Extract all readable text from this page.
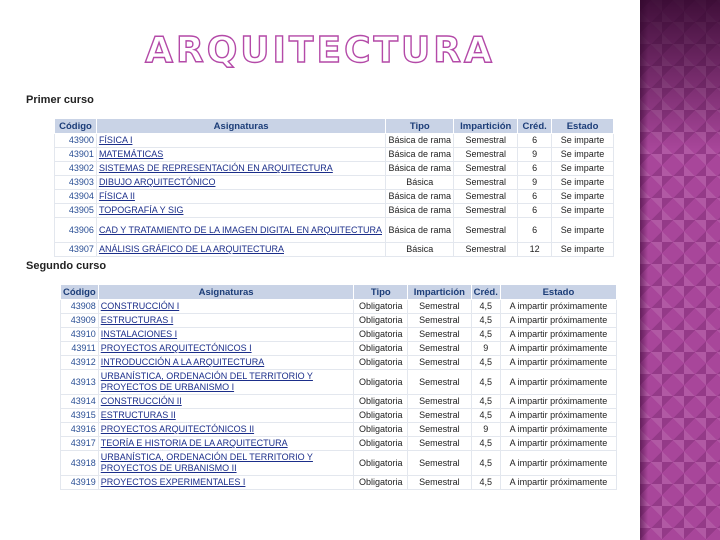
ARQUITECTURA
Primer curso
Código	Asignaturas	Tipo	Impartición	Créd.	Estado
43900	FÍSICA I	Básica de rama	Semestral	6	Se imparte
43901	MATEMÁTICAS	Básica de rama	Semestral	9	Se imparte
43902	SISTEMAS DE REPRESENTACIÓN EN ARQUITECTURA	Básica de rama	Semestral	6	Se imparte
43903	DIBUJO ARQUITECTÓNICO	Básica	Semestral	9	Se imparte
43904	FÍSICA II	Básica de rama	Semestral	6	Se imparte
43905	TOPOGRAFÍA Y SIG	Básica de rama	Semestral	6	Se imparte
43906	CAD Y TRATAMIENTO DE LA IMAGEN DIGITAL EN ARQUITECTURA	Básica de rama	Semestral	6	Se imparte
43907	ANÁLISIS GRÁFICO DE LA ARQUITECTURA	Básica	Semestral	12	Se imparte
Segundo curso
Código	Asignaturas	Tipo	Impartición	Créd.	Estado
43908	CONSTRUCCIÓN I	Obligatoria	Semestral	4,5	A impartir próximamente
43909	ESTRUCTURAS I	Obligatoria	Semestral	4,5	A impartir próximamente
43910	INSTALACIONES I	Obligatoria	Semestral	4,5	A impartir próximamente
43911	PROYECTOS ARQUITECTÓNICOS I	Obligatoria	Semestral	9	A impartir próximamente
43912	INTRODUCCIÓN A LA ARQUITECTURA	Obligatoria	Semestral	4,5	A impartir próximamente
43913	URBANÍSTICA, ORDENACIÓN DEL TERRITORIO Y PROYECTOS DE URBANISMO I	Obligatoria	Semestral	4,5	A impartir próximamente
43914	CONSTRUCCIÓN II	Obligatoria	Semestral	4,5	A impartir próximamente
43915	ESTRUCTURAS II	Obligatoria	Semestral	4,5	A impartir próximamente
43916	PROYECTOS ARQUITECTÓNICOS II	Obligatoria	Semestral	9	A impartir próximamente
43917	TEORÍA E HISTORIA DE LA ARQUITECTURA	Obligatoria	Semestral	4,5	A impartir próximamente
43918	URBANÍSTICA, ORDENACIÓN DEL TERRITORIO Y PROYECTOS DE URBANISMO II	Obligatoria	Semestral	4,5	A impartir próximamente
43919	PROYECTOS EXPERIMENTALES I	Obligatoria	Semestral	4,5	A impartir próximamente
